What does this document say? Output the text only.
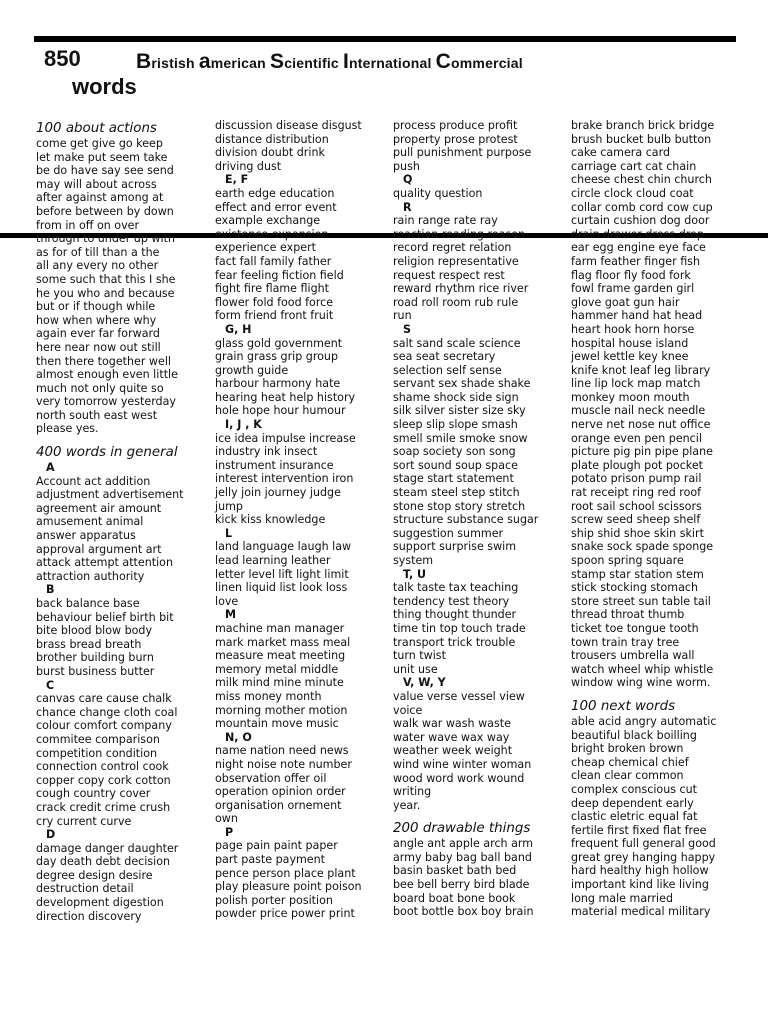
850	Bristish american Scientific International Commercial
words
100 about actions
come get give go keep
let make put seem take
be do have say see send
may will about across
after against among at
before between by down
from in off on over
through to under up with
as for of till than a the
all any every no other
some such that this I she
he you who and because
but or if though while
how when where why
again ever far forward
here near now out still
then there together well
almost enough even little
much not only quite so
very tomorrow yesterday
north south east west
please yes.
400 words in general
A
Account act addition
adjustment advertisement
agreement air amount
amusement animal
answer apparatus
approval argument art
attack attempt attention
attraction authority
B
back balance base
behaviour belief birth bit
bite blood blow body
brass bread breath
brother building burn
burst business butter
C
canvas care cause chalk
chance change cloth coal
colour comfort company
commitee comparison
competition condition
connection control cook
copper copy cork cotton
cough country cover
crack credit crime crush
cry current curve
D
damage danger daughter
day death debt decision
degree design desire
destruction detail
development digestion
direction discovery
discussion disease disgust
distance distribution
division doubt drink
driving dust
E, F
earth edge education
effect and error event
example exchange
existence expansion
experience expert
fact fall family father
fear feeling fiction field
fight fire flame flight
flower fold food force
form friend front fruit
G, H
glass gold government
grain grass grip group
growth guide
harbour harmony hate
hearing heat help history
hole hope hour humour
I, J , K
ice idea impulse increase
industry ink insect
instrument insurance
interest intervention iron
jelly join journey judge
jump
kick kiss knowledge
L
land language laugh law
lead learning leather
letter level lift light limit
linen liquid list look loss
love
M
machine man manager
mark market mass meal
measure meat meeting
memory metal middle
milk mind mine minute
miss money month
morning mother motion
mountain move music
N, O
name nation need news
night noise note number
observation offer oil
operation opinion order
organisation ornement
own
P
page pain paint paper
part paste payment
pence person place plant
play pleasure point poison
polish porter position
powder price power print
process produce profit
property prose protest
pull punishment purpose
push
Q
quality question
R
rain range rate ray
reaction reading reason
record regret relation
religion representative
request respect rest
reward rhythm rice river
road roll room rub rule
run
S
salt sand scale science
sea seat secretary
selection self sense
servant sex shade shake
shame shock side sign
silk silver sister size sky
sleep slip slope smash
smell smile smoke snow
soap society son song
sort sound soup space
stage start statement
steam steel step stitch
stone stop story stretch
structure substance sugar
suggestion summer
support surprise swim
system
T, U
talk taste tax teaching
tendency test theory
thing thought thunder
time tin top touch trade
transport trick trouble
turn twist
unit use
V, W, Y
value verse vessel view
voice
walk war wash waste
water wave wax way
weather week weight
wind wine winter woman
wood word work wound
writing
year.
200 drawable things
angle ant apple arch arm
army baby bag ball band
basin basket bath bed
bee bell berry bird blade
board boat bone book
boot bottle box boy brain
brake branch brick bridge
brush bucket bulb button
cake camera card
carriage cart cat chain
cheese chest chin church
circle clock cloud coat
collar comb cord cow cup
curtain cushion dog door
drain drawer dress drop
ear egg engine eye face
farm feather finger fish
flag floor fly food fork
fowl frame garden girl
glove goat gun hair
hammer hand hat head
heart hook horn horse
hospital house island
jewel kettle key knee
knife knot leaf leg library
line lip lock map match
monkey moon mouth
muscle nail neck needle
nerve net nose nut office
orange even pen pencil
picture pig pin pipe plane
plate plough pot pocket
potato prison pump rail
rat receipt ring red roof
root sail school scissors
screw seed sheep shelf
ship shid shoe skin skirt
snake sock spade sponge
spoon spring square
stamp star station stem
stick stocking stomach
store street sun table tail
thread throat thumb
ticket toe tongue tooth
town train tray tree
trousers umbrella wall
watch wheel whip whistle
window wing wine worm.
100 next words
able acid angry automatic
beautiful black boilling
bright broken brown
cheap chemical chief
clean clear common
complex conscious cut
deep dependent early
clastic eletric equal fat
fertile first fixed flat free
frequent full general good
great grey hanging happy
hard healthy high hollow
important kind like living
long male married
material medical military
